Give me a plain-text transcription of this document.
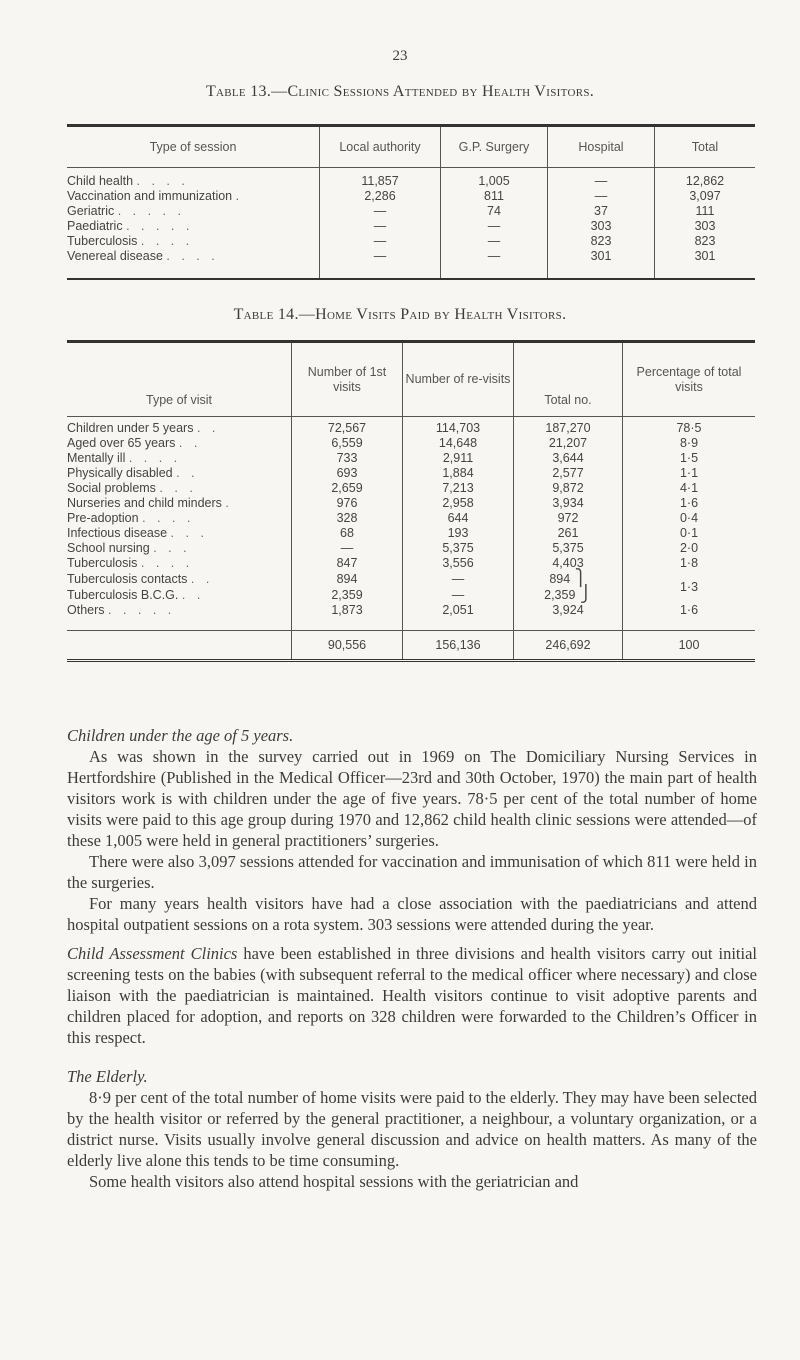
23
Table 13.—Clinic Sessions Attended by Health Visitors.
Type of session	Local authority	G.P. Surgery	Hospital	Total
Child health . . . .	11,857	1,005	—	12,862
Vaccination and immunization .	2,286	811	—	3,097
Geriatric . . . . .	—	74	37	111
Paediatric . . . . .	—	—	303	303
Tuberculosis . . . .	—	—	823	823
Venereal disease . . . .	—	—	301	301

Table 14.—Home Visits Paid by Health Visitors.
Type of visit	Number of 1st visits	Number of re-visits	Total no.	Percentage of total visits
Children under 5 years . .	72,567	114,703	187,270	78·5
Aged over 65 years . .	6,559	14,648	21,207	8·9
Mentally ill . . . .	733	2,911	3,644	1·5
Physically disabled . .	693	1,884	2,577	1·1
Social problems . . .	2,659	7,213	9,872	4·1
Nurseries and child minders .	976	2,958	3,934	1·6
Pre-adoption . . . .	328	644	972	0·4
Infectious disease . . .	68	193	261	0·1
School nursing . . .	—	5,375	5,375	2·0
Tuberculosis . . . .	847	3,556	4,403	1·8
Tuberculosis contacts . .	894	—	894 ⎫	1·3
Tuberculosis B.C.G. . .	2,359	—	2,359 ⎭	
Others . . . . .	1,873	2,051	3,924	1·6

	90,556	156,136	246,692	100

Children under the age of 5 years.

As was shown in the survey carried out in 1969 on The Domiciliary Nursing Services in Hertfordshire (Published in the Medical Officer—23rd and 30th October, 1970) the main part of health visitors work is with children under the age of five years. 78·5 per cent of the total number of home visits were paid to this age group during 1970 and 12,862 child health clinic sessions were attended—of these 1,005 were held in general practitioners’ surgeries.

There were also 3,097 sessions attended for vaccination and immunisation of which 811 were held in the surgeries.

For many years health visitors have had a close association with the paediatricians and attend hospital outpatient sessions on a rota system. 303 sessions were attended during the year.

Child Assessment Clinics have been established in three divisions and health visitors carry out initial screening tests on the babies (with subsequent referral to the medical officer where necessary) and close liaison with the paediatrician is maintained. Health visitors continue to visit adoptive parents and children placed for adoption, and reports on 328 children were forwarded to the Children’s Officer in this respect.

The Elderly.

8·9 per cent of the total number of home visits were paid to the elderly. They may have been selected by the health visitor or referred by the general practitioner, a neighbour, a voluntary organization, or a district nurse. Visits usually involve general discussion and advice on health matters. As many of the elderly live alone this tends to be time consuming.

Some health visitors also attend hospital sessions with the geriatrician and
